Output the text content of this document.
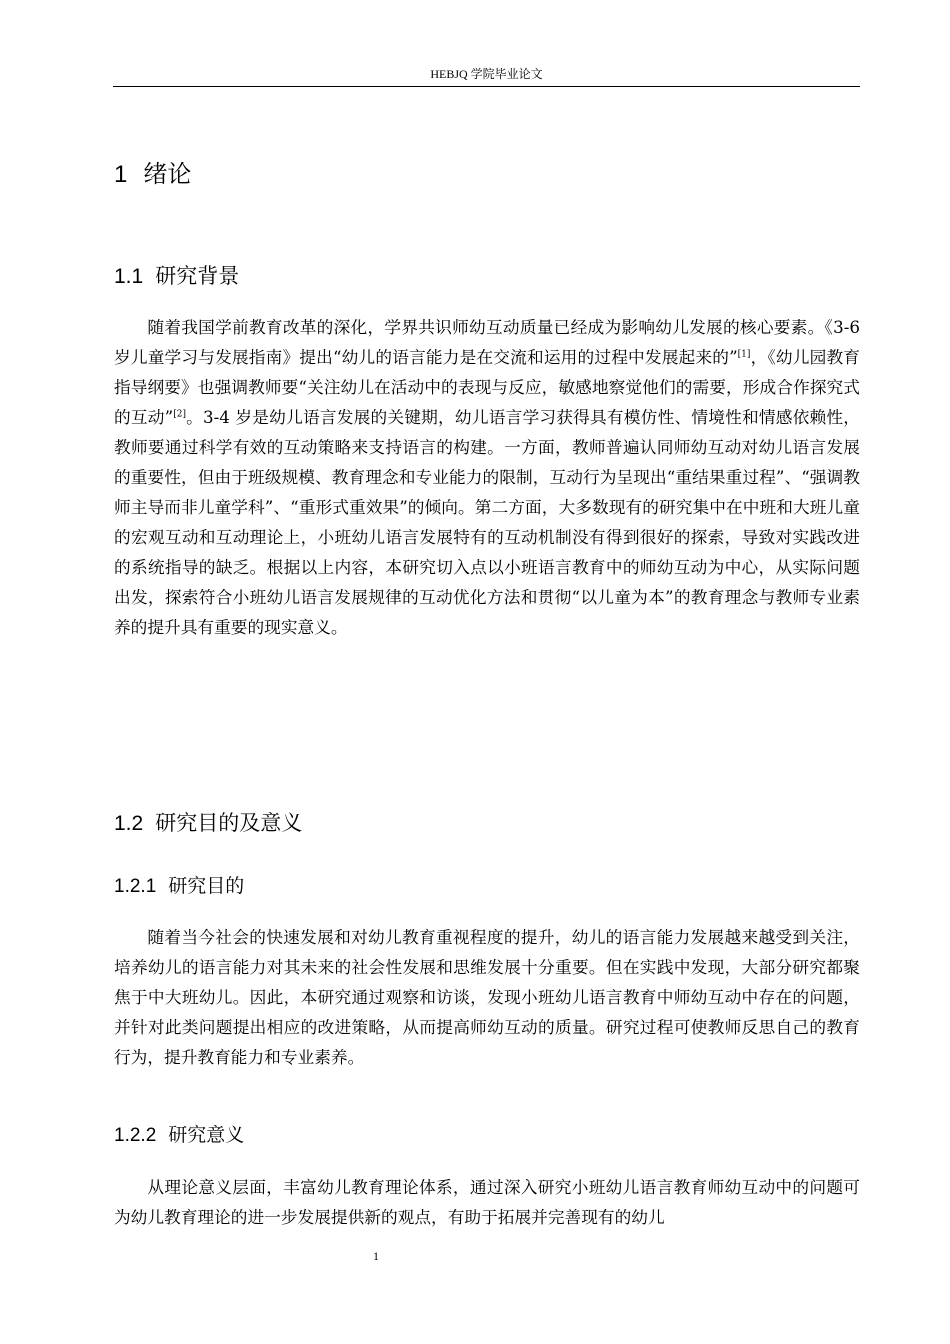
HEBJQ 学院毕业论文
1 绪论
1.1 研究背景

随着我国学前教育改革的深化，学界共识师幼互动质量已经成为影响幼儿发展的核心要素。《3-6 岁儿童学习与发展指南》提出“幼儿的语言能力是在交流和运用的过程中发展起来的”[1]，《幼儿园教育指导纲要》也强调教师要“关注幼儿在活动中的表现与反应，敏感地察觉他们的需要，形成合作探究式的互动”[2]。3-4 岁是幼儿语言发展的关键期，幼儿语言学习获得具有模仿性、情境性和情感依赖性，教师要通过科学有效的互动策略来支持语言的构建。一方面，教师普遍认同师幼互动对幼儿语言发展的重要性，但由于班级规模、教育理念和专业能力的限制，互动行为呈现出“重结果重过程”、“强调教师主导而非儿童学科”、“重形式重效果”的倾向。第二方面，大多数现有的研究集中在中班和大班儿童的宏观互动和互动理论上，小班幼儿语言发展特有的互动机制没有得到很好的探索，导致对实践改进的系统指导的缺乏。根据以上内容，本研究切入点以小班语言教育中的师幼互动为中心，从实际问题出发，探索符合小班幼儿语言发展规律的互动优化方法和贯彻“以儿童为本”的教育理念与教师专业素养的提升具有重要的现实意义。

1.2 研究目的及意义
1.2.1 研究目的

随着当今社会的快速发展和对幼儿教育重视程度的提升，幼儿的语言能力发展越来越受到关注，培养幼儿的语言能力对其未来的社会性发展和思维发展十分重要。但在实践中发现，大部分研究都聚焦于中大班幼儿。因此，本研究通过观察和访谈，发现小班幼儿语言教育中师幼互动中存在的问题，并针对此类问题提出相应的改进策略，从而提高师幼互动的质量。研究过程可使教师反思自己的教育行为，提升教育能力和专业素养。

1.2.2 研究意义

从理论意义层面，丰富幼儿教育理论体系，通过深入研究小班幼儿语言教育师幼互动中的问题可为幼儿教育理论的进一步发展提供新的观点，有助于拓展并完善现有的幼儿

1
